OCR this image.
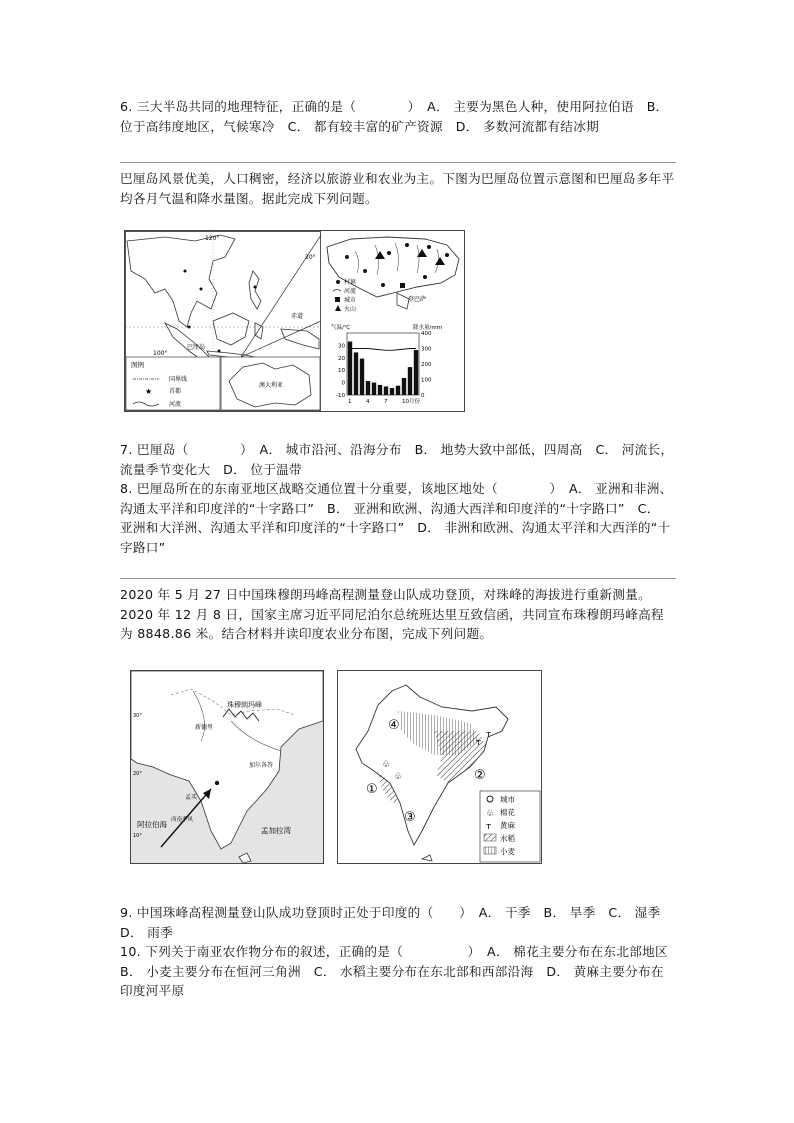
6. 三大半岛共同的地理特征，正确的是（　　　　）　A． 主要为黑色人种，使用阿拉伯语　B． 位于高纬度地区，气候寒冷　C． 都有较丰富的矿产资源　D． 多数河流都有结冰期

巴厘岛风景优美，人口稠密，经济以旅游业和农业为主。下图为巴厘岛位置示意图和巴厘岛多年平均各月气温和降水量图。据此完成下列问题。

120°
100°
20°
赤道
巴厘岛
澳大利亚
图例
国界线
★	首都
河流
村镇
河流
城市
火山
登巴萨
气温/℃	降水量/mm
30
20
10
0
-10
400
300
200
100
0
1	4	7	10月份

7. 巴厘岛（　　　　）　A． 城市沿河、沿海分布　B． 地势大致中部低，四周高　C． 河流长，流量季节变化大　D． 位于温带

8. 巴厘岛所在的东南亚地区战略交通位置十分重要，该地区地处（　　　　）　A． 亚洲和非洲、沟通太平洋和印度洋的“十字路口”　B． 亚洲和欧洲、沟通大西洋和印度洋的“十字路口”　C． 亚洲和大洋洲、沟通太平洋和印度洋的“十字路口”　D． 非洲和欧洲、沟通太平洋和大西洋的“十字路口”

2020 年 5 月 27 日中国珠穆朗玛峰高程测量登山队成功登顶，对珠峰的海拔进行重新测量。2020 年 12 月 8 日，国家主席习近平同尼泊尔总统班达里互致信函，共同宣布珠穆朗玛峰高程为 8848.86 米。结合材料并读印度农业分布图，完成下列问题。

珠穆朗玛峰
新德里
加尔各答
孟买
阿拉伯海
孟加拉湾
西南季风
30°
20°
10°
④
②
①
③
♧
♧
ᴛ
ᴛ
城市
♧ 棉花
ᴛ 黄麻
水稻
小麦

9. 中国珠峰高程测量登山队成功登顶时正处于印度的（　　）　A． 干季　B． 旱季　C． 湿季　D． 雨季

10. 下列关于南亚农作物分布的叙述，正确的是（　　　　　）　A． 棉花主要分布在东北部地区　B． 小麦主要分布在恒河三角洲　C． 水稻主要分布在东北部和西部沿海　D． 黄麻主要分布在印度河平原
